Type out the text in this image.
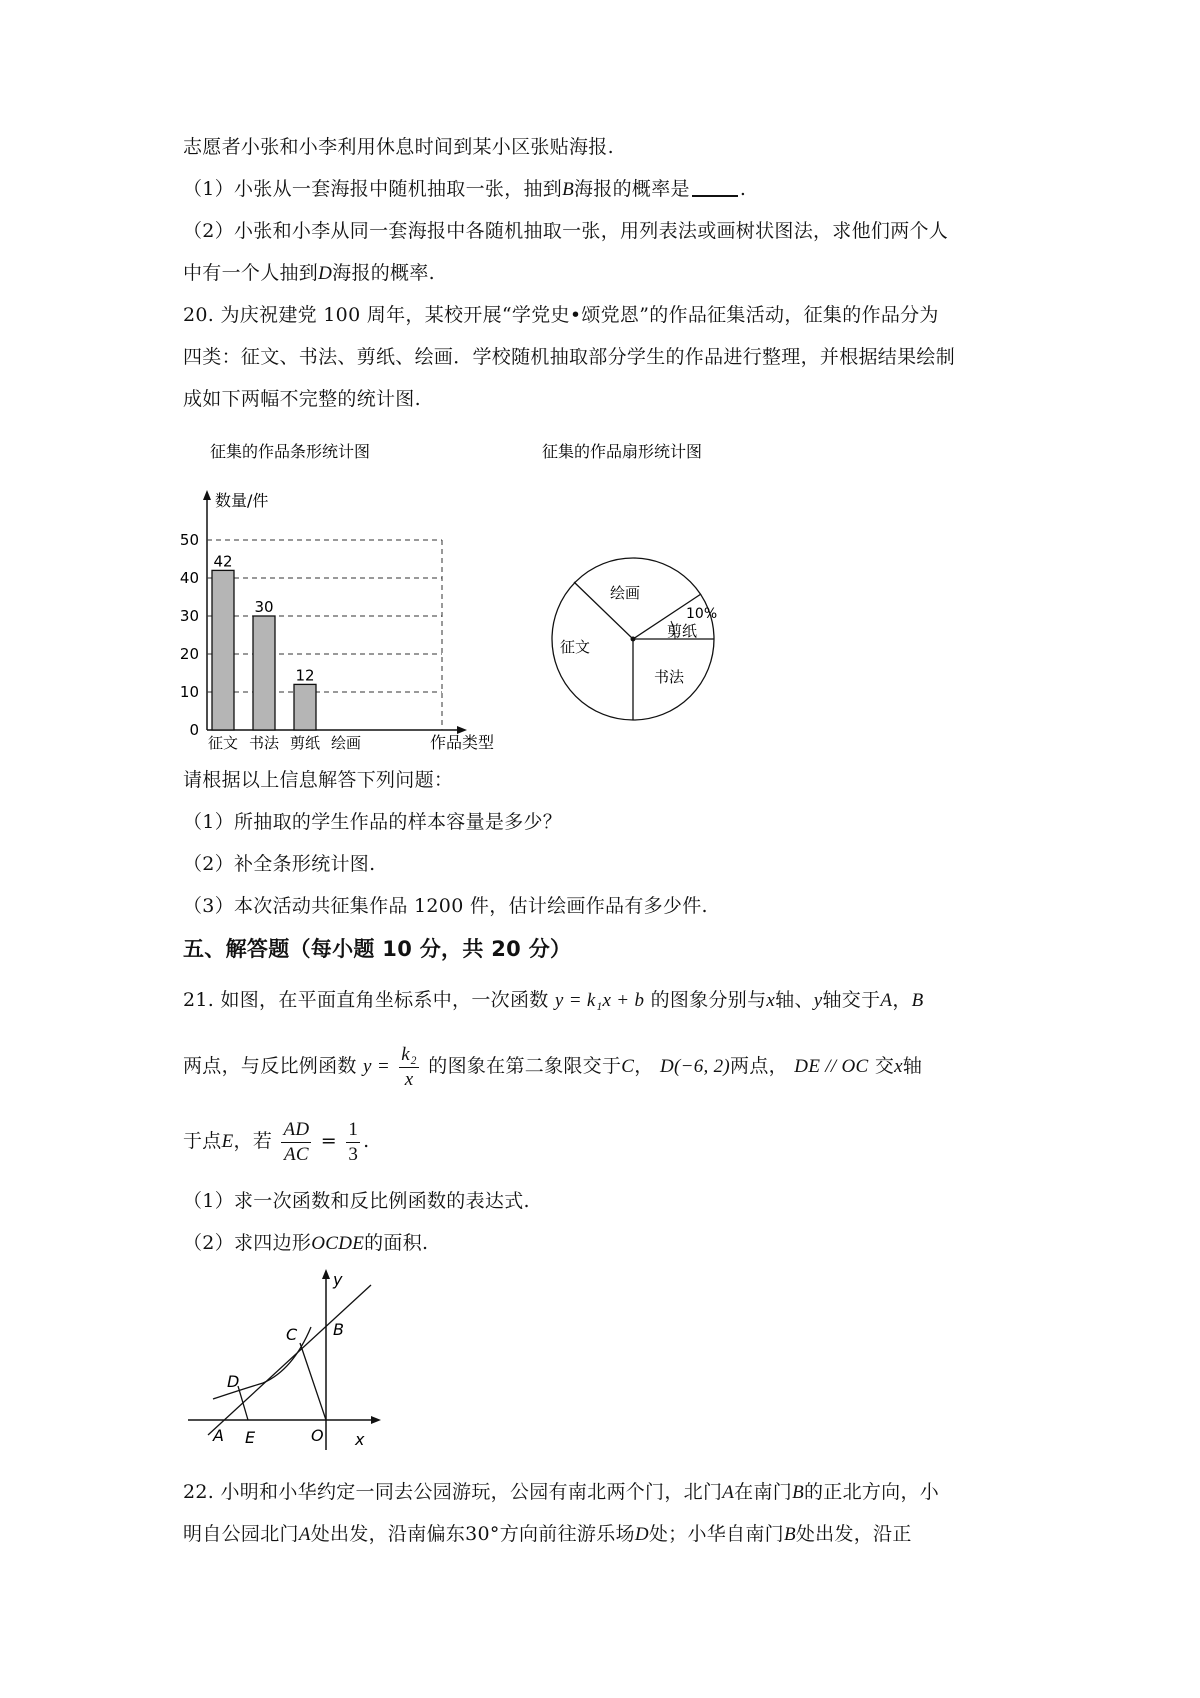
志愿者小张和小李利用休息时间到某小区张贴海报.
（1）小张从一套海报中随机抽取一张，抽到B海报的概率是	.
（2）小张和小李从同一套海报中各随机抽取一张，用列表法或画树状图法，求他们两个人
中有一个人抽到D海报的概率.
20. 为庆祝建党 100 周年，某校开展“学党史•颂党恩”的作品征集活动，征集的作品分为
四类：征文、书法、剪纸、绘画．学校随机抽取部分学生的作品进行整理，并根据结果绘制
成如下两幅不完整的统计图.
征集的作品条形统计图
数量/件
作品类型
0
10
20
30
40
50
42
30
12
征文 书法 剪纸 绘画
征集的作品扇形统计图
绘画
剪纸
10%
书法
征文
请根据以上信息解答下列问题：
（1）所抽取的学生作品的样本容量是多少？
（2）补全条形统计图.
（3）本次活动共征集作品 1200 件，估计绘画作品有多少件.
五、解答题（每小题 10 分，共 20 分）
21. 如图，在平面直角坐标系中，一次函数 y = k₁x + b 的图象分别与x轴、y轴交于A，B
两点，与反比例函数 $y = \frac{\text{k₂}}{x}$ 的图象在第二象限交于C， D(−6, 2)两点， DE // OC 交x轴
于点E，若 $\frac{AD}{AC} = \frac{1}{3}$ .
（1）求一次函数和反比例函数的表达式.
（2）求四边形OCDE的面积.
y
B
C
D
A E	O x
22. 小明和小华约定一同去公园游玩，公园有南北两个门，北门A在南门B的正北方向，小
明自公园北门A处出发，沿南偏东30°方向前往游乐场D处；小华自南门B处出发，沿正
